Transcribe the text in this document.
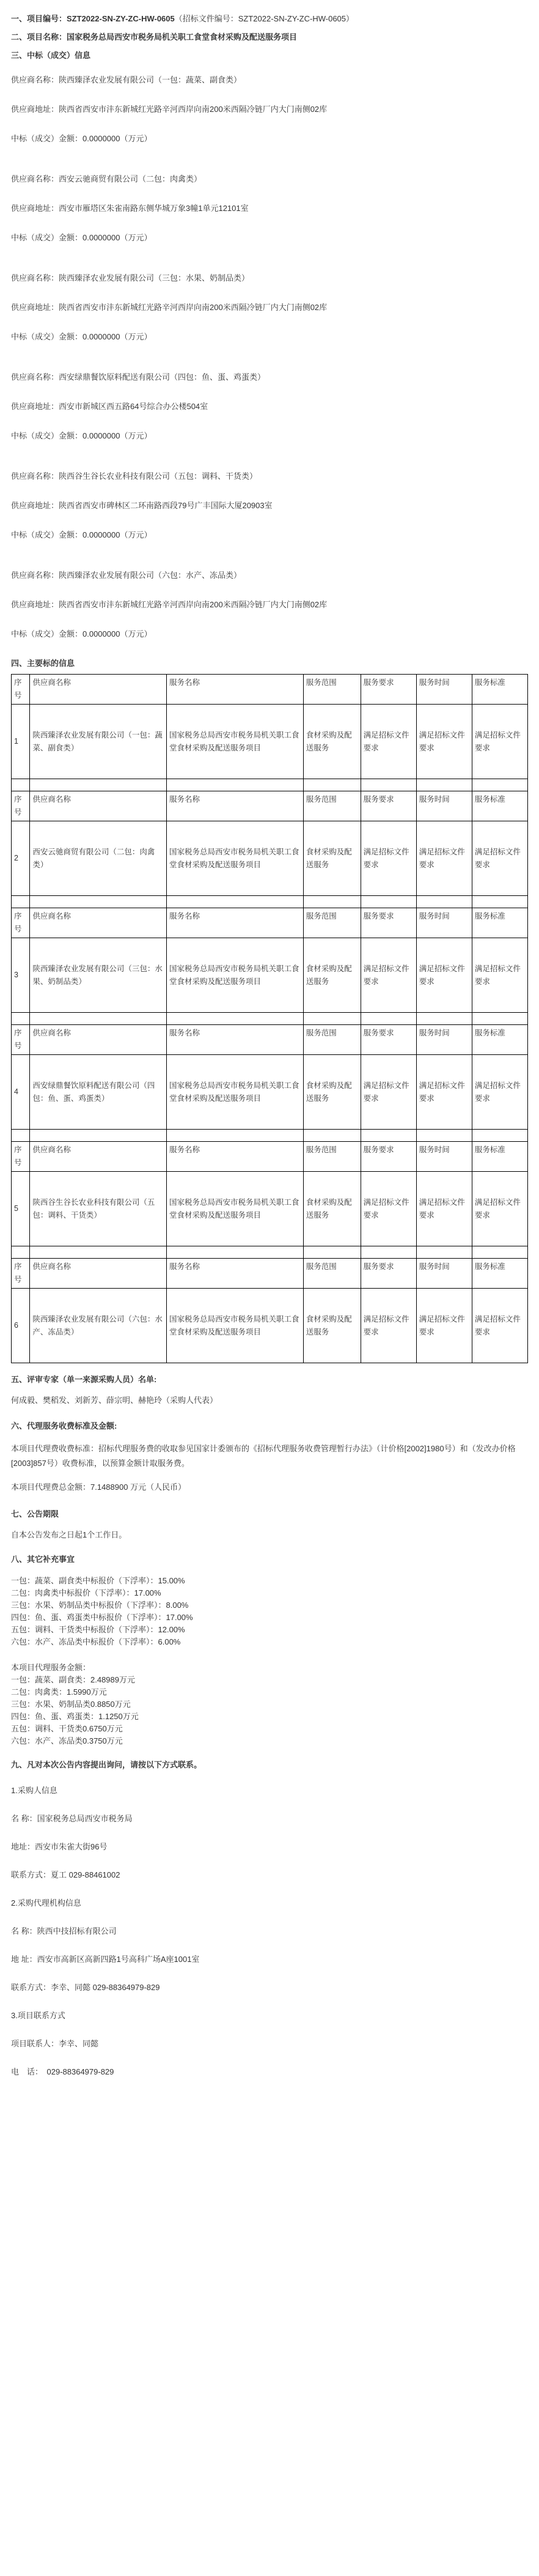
一、项目编号：SZT2022-SN-ZY-ZC-HW-0605（招标文件编号：SZT2022-SN-ZY-ZC-HW-0605）
二、项目名称：国家税务总局西安市税务局机关职工食堂食材采购及配送服务项目
三、中标（成交）信息
供应商名称：陕西臻泽农业发展有限公司（一包：蔬菜、副食类）
供应商地址：陕西省西安市沣东新城红光路辛河西岸向南200米西隔冷链厂内大门南侧02库
中标（成交）金额：0.0000000（万元）
供应商名称：西安云驰商贸有限公司（二包：肉禽类）
供应商地址：西安市雁塔区朱雀南路东侧华城万象3幢1单元12101室
中标（成交）金额：0.0000000（万元）
供应商名称：陕西臻泽农业发展有限公司（三包：水果、奶制品类）
供应商地址：陕西省西安市沣东新城红光路辛河西岸向南200米西隔冷链厂内大门南侧02库
中标（成交）金额：0.0000000（万元）
供应商名称：西安绿鼎餐饮原料配送有限公司（四包：鱼、蛋、鸡蛋类）
供应商地址：西安市新城区西五路64号综合办公楼504室
中标（成交）金额：0.0000000（万元）
供应商名称：陕西谷生谷长农业科技有限公司（五包：调料、干货类）
供应商地址：陕西省西安市碑林区二环南路西段79号广丰国际大厦20903室
中标（成交）金额：0.0000000（万元）
供应商名称：陕西臻泽农业发展有限公司（六包：水产、冻品类）
供应商地址：陕西省西安市沣东新城红光路辛河西岸向南200米西隔冷链厂内大门南侧02库
中标（成交）金额：0.0000000（万元）
四、主要标的信息
序号	供应商名称	服务名称	服务范围	服务要求	服务时间	服务标准
1	陕西臻泽农业发展有限公司（一包：蔬菜、副食类）	国家税务总局西安市税务局机关职工食堂食材采购及配送服务项目	食材采购及配送服务	满足招标文件要求	满足招标文件要求	满足招标文件要求

序号	供应商名称	服务名称	服务范围	服务要求	服务时间	服务标准
2	西安云驰商贸有限公司（二包：肉禽类）	国家税务总局西安市税务局机关职工食堂食材采购及配送服务项目	食材采购及配送服务	满足招标文件要求	满足招标文件要求	满足招标文件要求

序号	供应商名称	服务名称	服务范围	服务要求	服务时间	服务标准
3	陕西臻泽农业发展有限公司（三包：水果、奶制品类）	国家税务总局西安市税务局机关职工食堂食材采购及配送服务项目	食材采购及配送服务	满足招标文件要求	满足招标文件要求	满足招标文件要求

序号	供应商名称	服务名称	服务范围	服务要求	服务时间	服务标准
4	西安绿鼎餐饮原料配送有限公司（四包：鱼、蛋、鸡蛋类）	国家税务总局西安市税务局机关职工食堂食材采购及配送服务项目	食材采购及配送服务	满足招标文件要求	满足招标文件要求	满足招标文件要求

序号	供应商名称	服务名称	服务范围	服务要求	服务时间	服务标准
5	陕西谷生谷长农业科技有限公司（五包：调料、干货类）	国家税务总局西安市税务局机关职工食堂食材采购及配送服务项目	食材采购及配送服务	满足招标文件要求	满足招标文件要求	满足招标文件要求

序号	供应商名称	服务名称	服务范围	服务要求	服务时间	服务标准
6	陕西臻泽农业发展有限公司（六包：水产、冻品类）	国家税务总局西安市税务局机关职工食堂食材采购及配送服务项目	食材采购及配送服务	满足招标文件要求	满足招标文件要求	满足招标文件要求
五、评审专家（单一来源采购人员）名单:
何成毅、樊稻发、刘新芳、薛宗明、赫艳玲（采购人代表）
六、代理服务收费标准及金额:
本项目代理费收费标准：招标代理服务费的收取参见国家计委颁布的《招标代理服务收费管理暂行办法》（计价格[2002]1980号）和（发改办价格[2003]857号）收费标准，以预算金额计取服务费。
本项目代理费总金额：7.1488900 万元（人民币）
七、公告期限
自本公告发布之日起1个工作日。
八、其它补充事宜
一包：蔬菜、副食类中标报价（下浮率）：15.00%
二包：肉禽类中标报价（下浮率）：17.00%
三包：水果、奶制品类中标报价（下浮率）：8.00%
四包：鱼、蛋、鸡蛋类中标报价（下浮率）：17.00%
五包：调料、干货类中标报价（下浮率）：12.00%
六包：水产、冻品类中标报价（下浮率）：6.00%
本项目代理服务金额：
一包：蔬菜、副食类：2.48989万元
二包：肉禽类：1.5990万元
三包：水果、奶制品类0.8850万元
四包：鱼、蛋、鸡蛋类：1.1250万元
五包：调料、干货类0.6750万元
六包：水产、冻品类0.3750万元
九、凡对本次公告内容提出询问，请按以下方式联系。
1.采购人信息
名 称：国家税务总局西安市税务局
地址：西安市朱雀大街96号
联系方式：夏工 029-88461002
2.采购代理机构信息
名 称：陕西中技招标有限公司
地 址：西安市高新区高新四路1号高科广场A座1001室
联系方式：李幸、同懿 029-88364979-829
3.项目联系方式
项目联系人：李幸、同懿
电　话：　029-88364979-829
